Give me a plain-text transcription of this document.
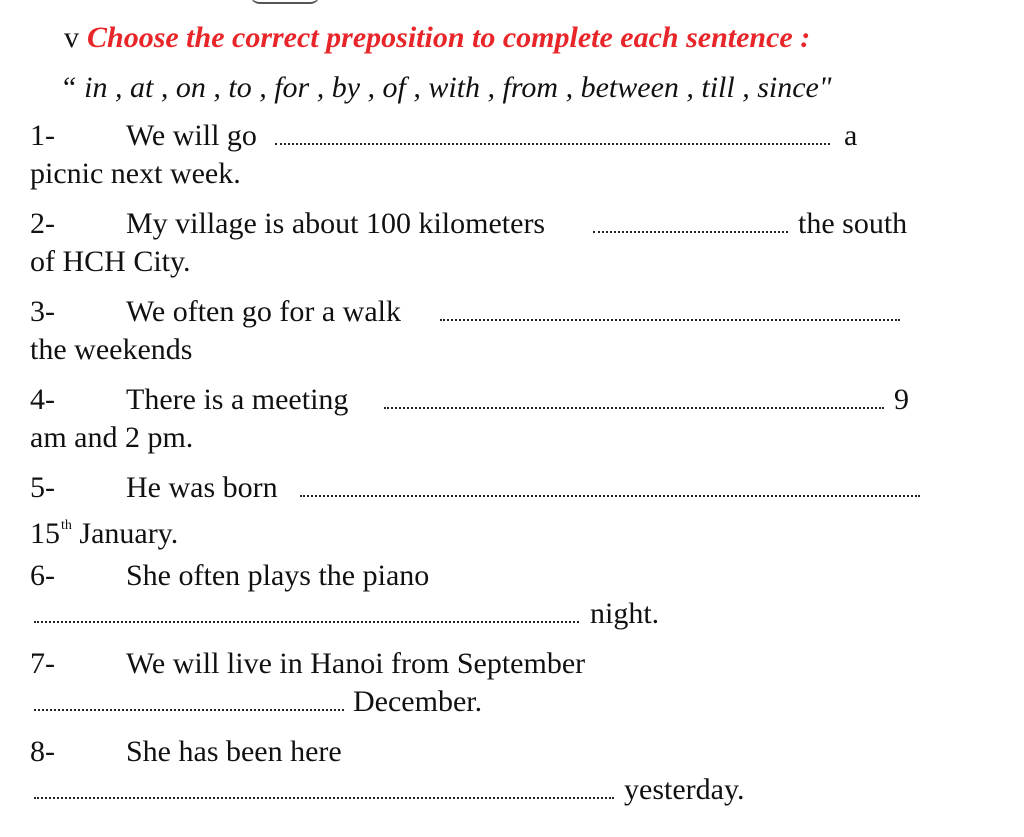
v Choose the correct preposition to complete each sentence :
“ in , at , on , to , for , by , of , with , from , between , till , since"
1- We will go	a
picnic next week.
2- My village is about 100 kilometers	the south
of HCH City.
3- We often go for a walk
the weekends
4- There is a meeting	9
am and 2 pm.
5- He was born
15th January.
6- She often plays the piano
night.
7- We will live in Hanoi from September
December.
8- She has been here
yesterday.
